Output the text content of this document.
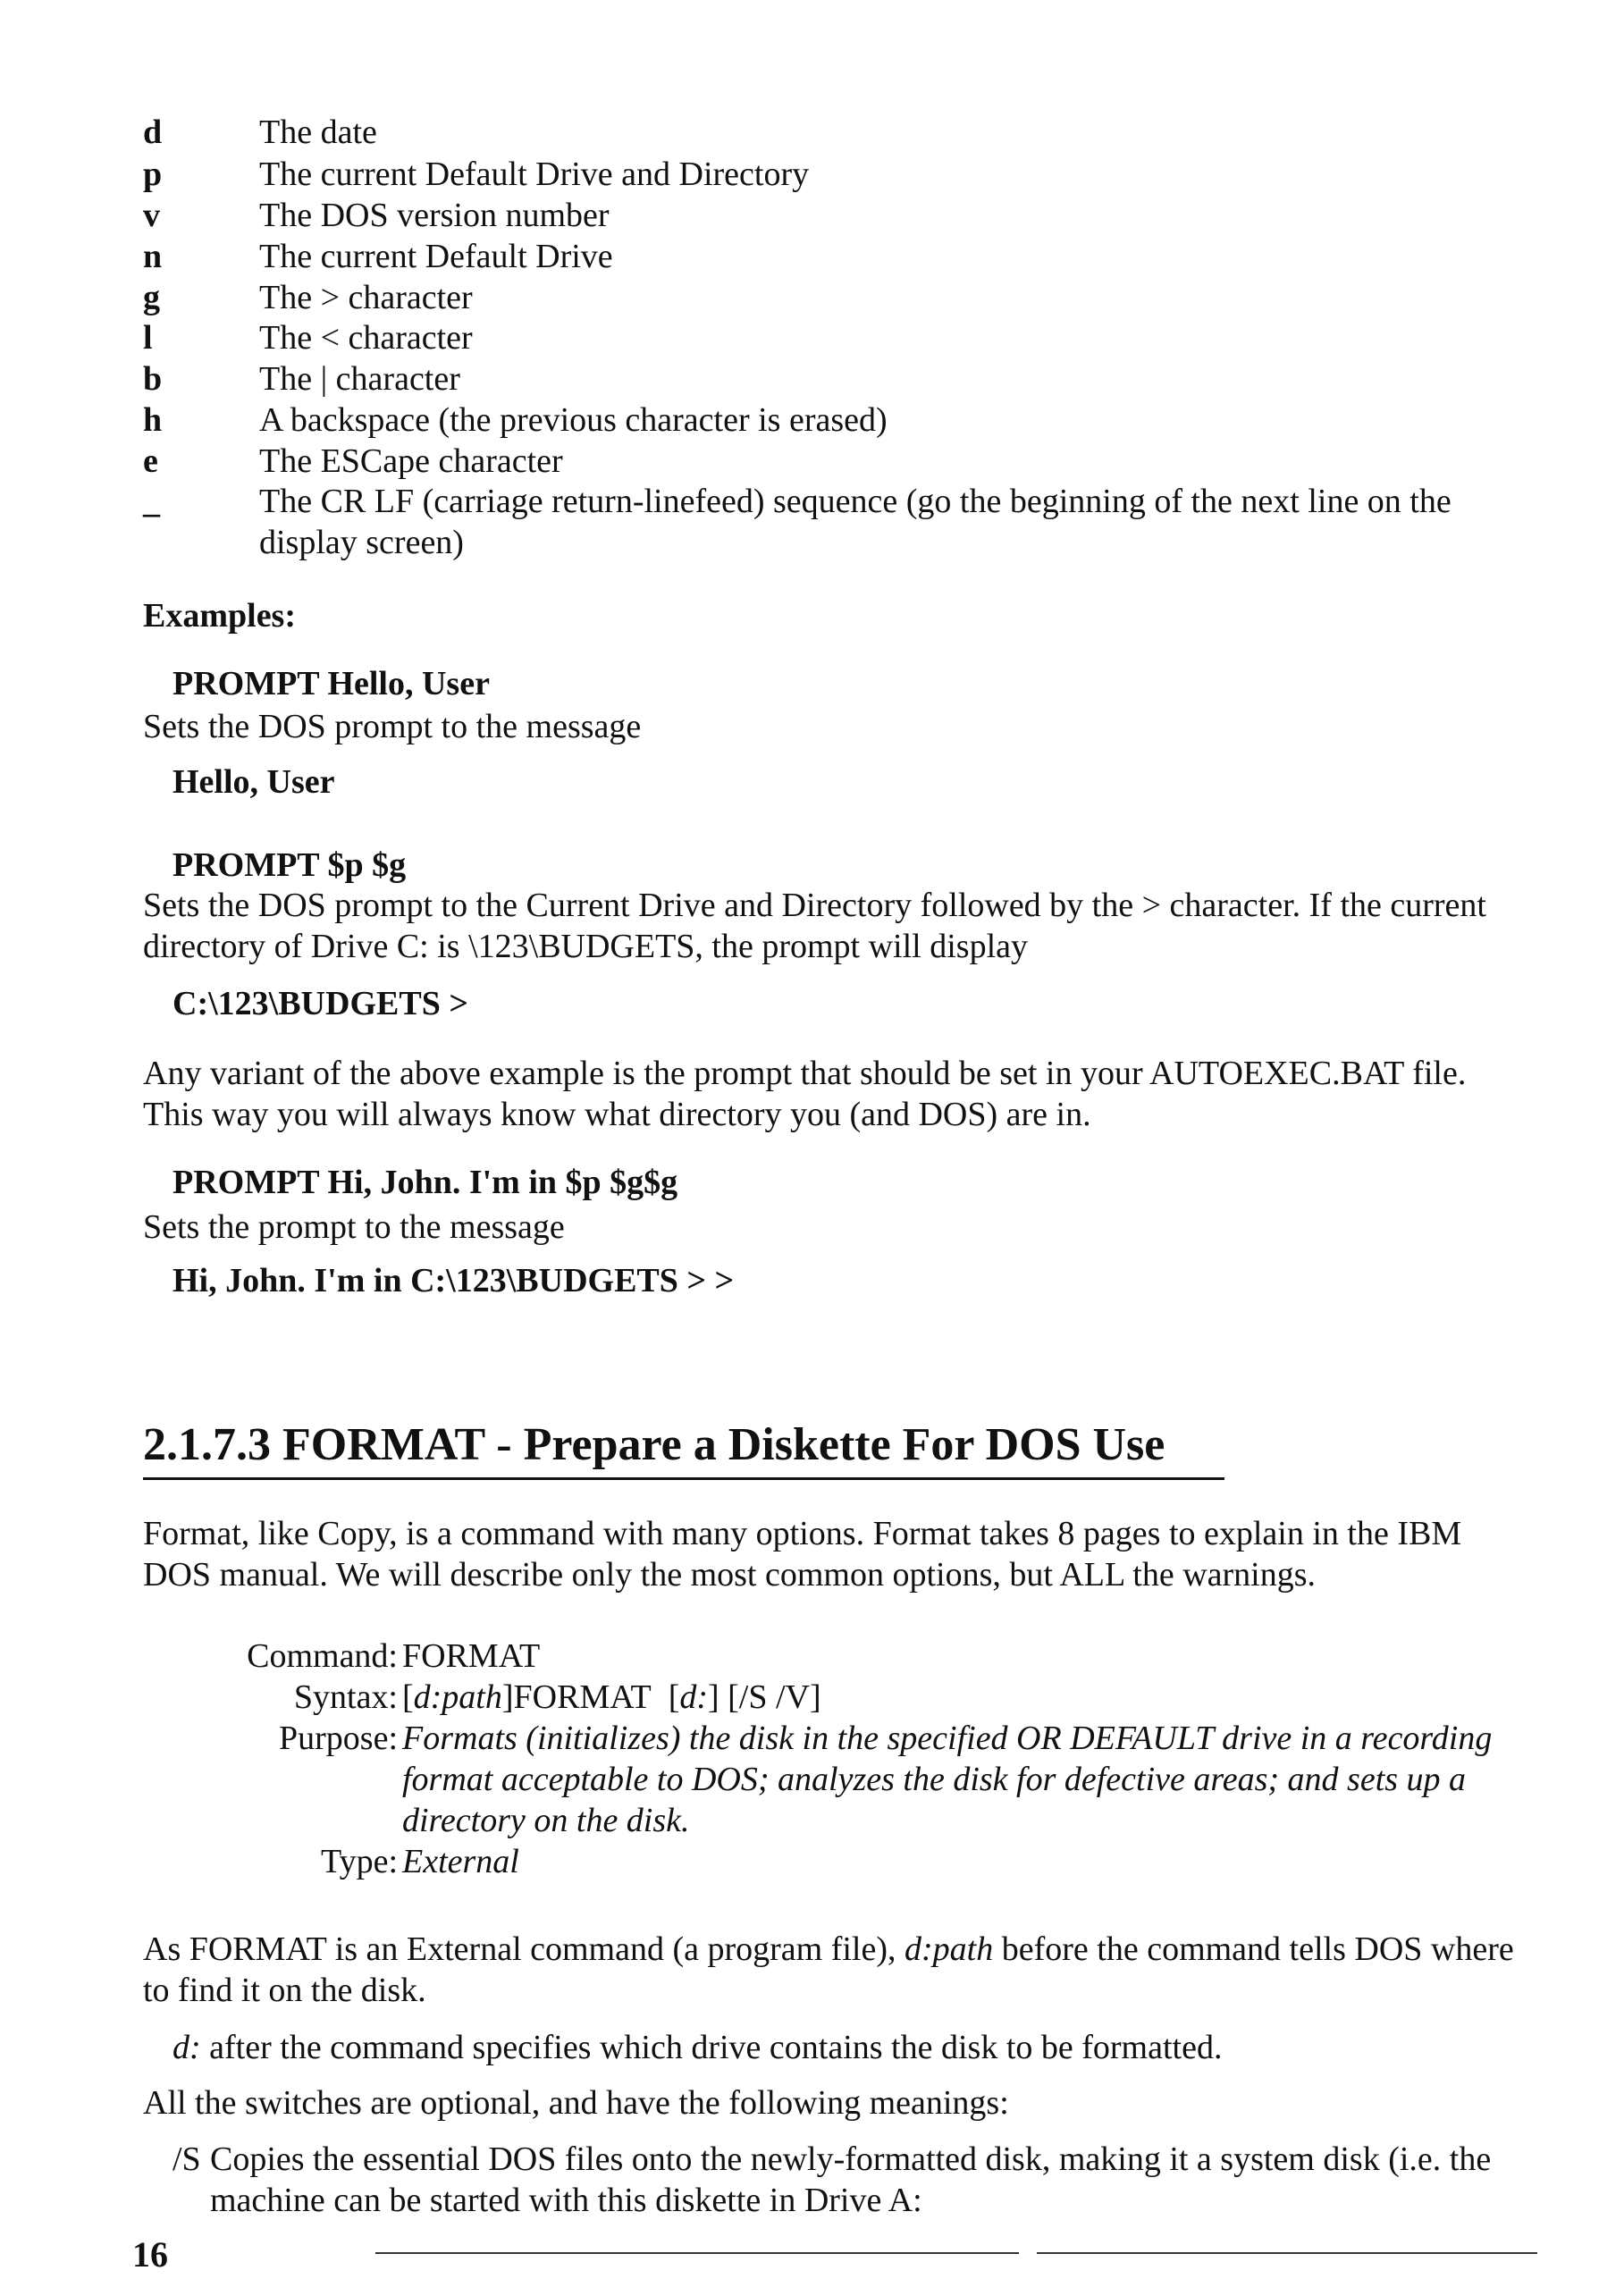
d	The date
p	The current Default Drive and Directory
v	The DOS version number
n	The current Default Drive
g	The > character
l	The < character
b	The | character
h	A backspace (the previous character is erased)
e	The ESCape character
_	The CR LF (carriage return-linefeed) sequence (go the beginning of the next line on the display screen)
Examples:
PROMPT Hello, User
Sets the DOS prompt to the message
Hello, User
PROMPT $p $g
Sets the DOS prompt to the Current Drive and Directory followed by the > character. If the current directory of Drive C: is \123\BUDGETS, the prompt will display
C:\123\BUDGETS >
Any variant of the above example is the prompt that should be set in your AUTOEXEC.BAT file. This way you will always know what directory you (and DOS) are in.
PROMPT Hi, John. I'm in $p $g$g
Sets the prompt to the message
Hi, John. I'm in C:\123\BUDGETS > >
2.1.7.3 FORMAT - Prepare a Diskette For DOS Use
Format, like Copy, is a command with many options. Format takes 8 pages to explain in the IBM DOS manual. We will describe only the most common options, but ALL the warnings.
Command: FORMAT
Syntax: [d:path]FORMAT  [d:] [/S /V]
Purpose: Formats (initializes) the disk in the specified OR DEFAULT drive in a recording format acceptable to DOS; analyzes the disk for defective areas; and sets up a directory on the disk.
Type: External
As FORMAT is an External command (a program file), d:path before the command tells DOS where to find it on the disk.
d: after the command specifies which drive contains the disk to be formatted.
All the switches are optional, and have the following meanings:
/S Copies the essential DOS files onto the newly-formatted disk, making it a system disk (i.e. the machine can be started with this diskette in Drive A:
16
